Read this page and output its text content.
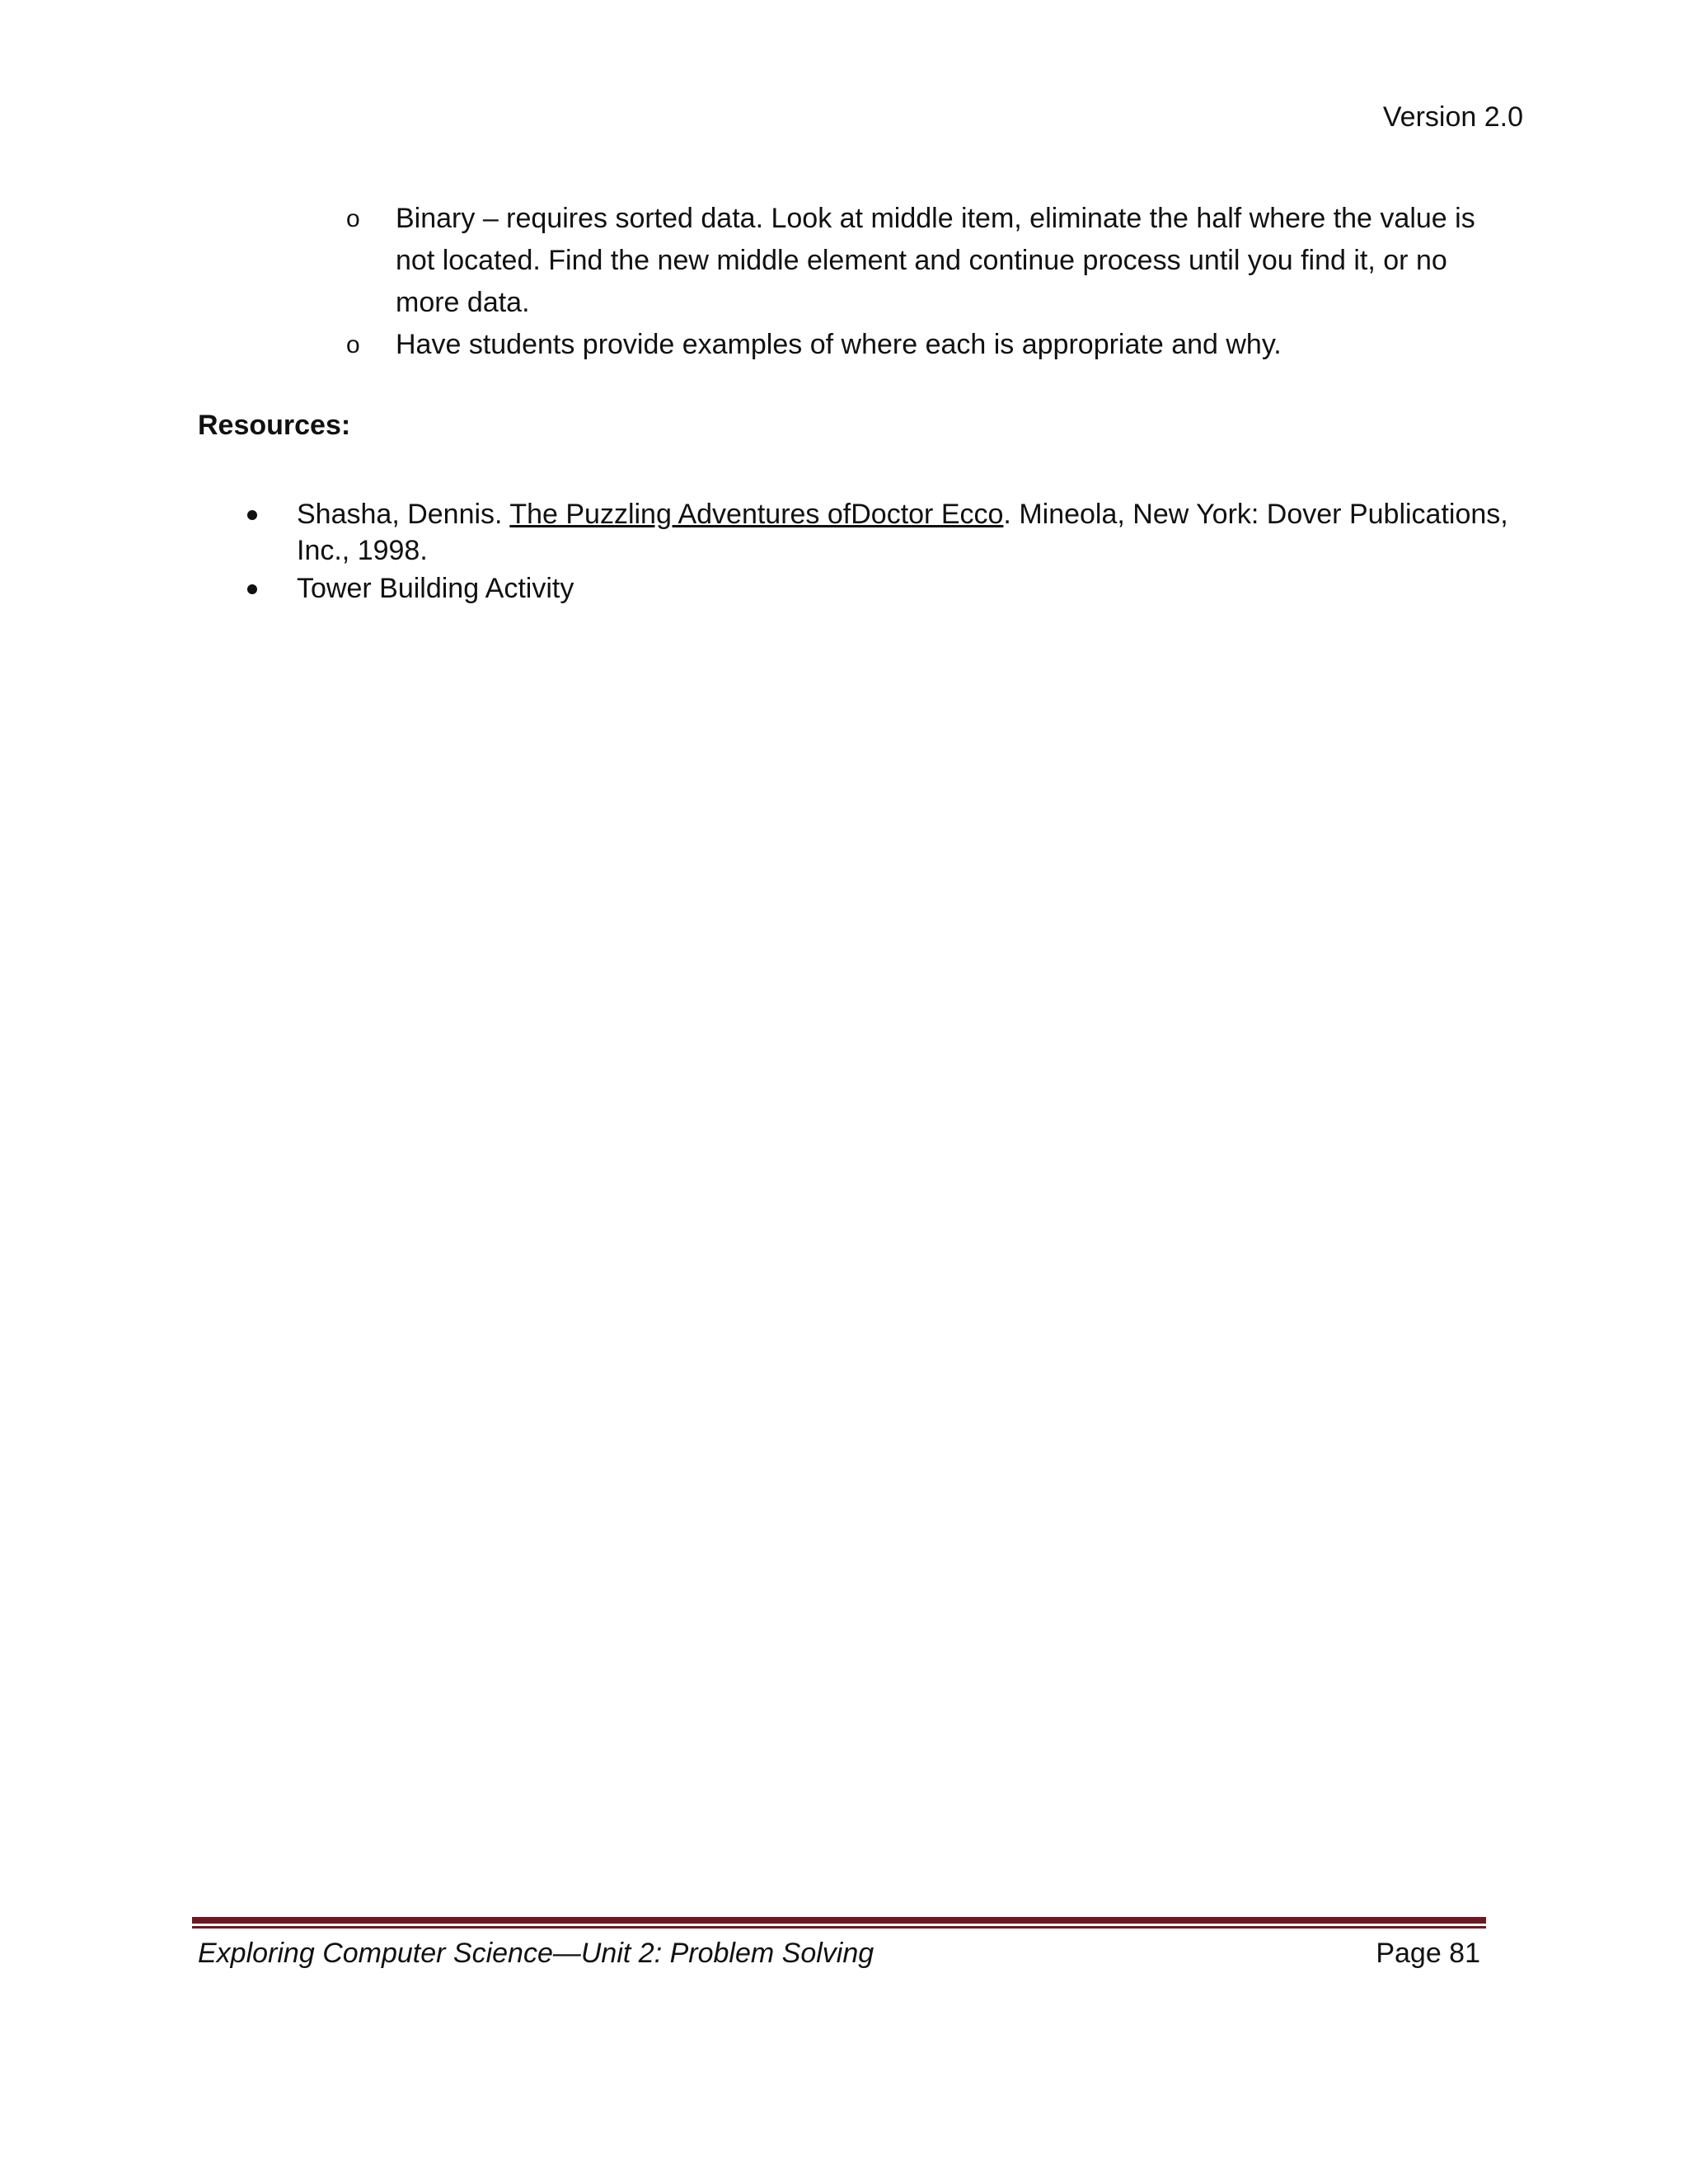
Version 2.0
o Binary – requires sorted data. Look at middle item, eliminate the half where the value is not located. Find the new middle element and continue process until you find it, or no more data.
o Have students provide examples of where each is appropriate and why.
Resources:
Shasha, Dennis. The Puzzling Adventures ofDoctor Ecco. Mineola, New York: Dover Publications, Inc., 1998.
Tower Building Activity
Exploring Computer Science—Unit 2: Problem Solving	Page 81
